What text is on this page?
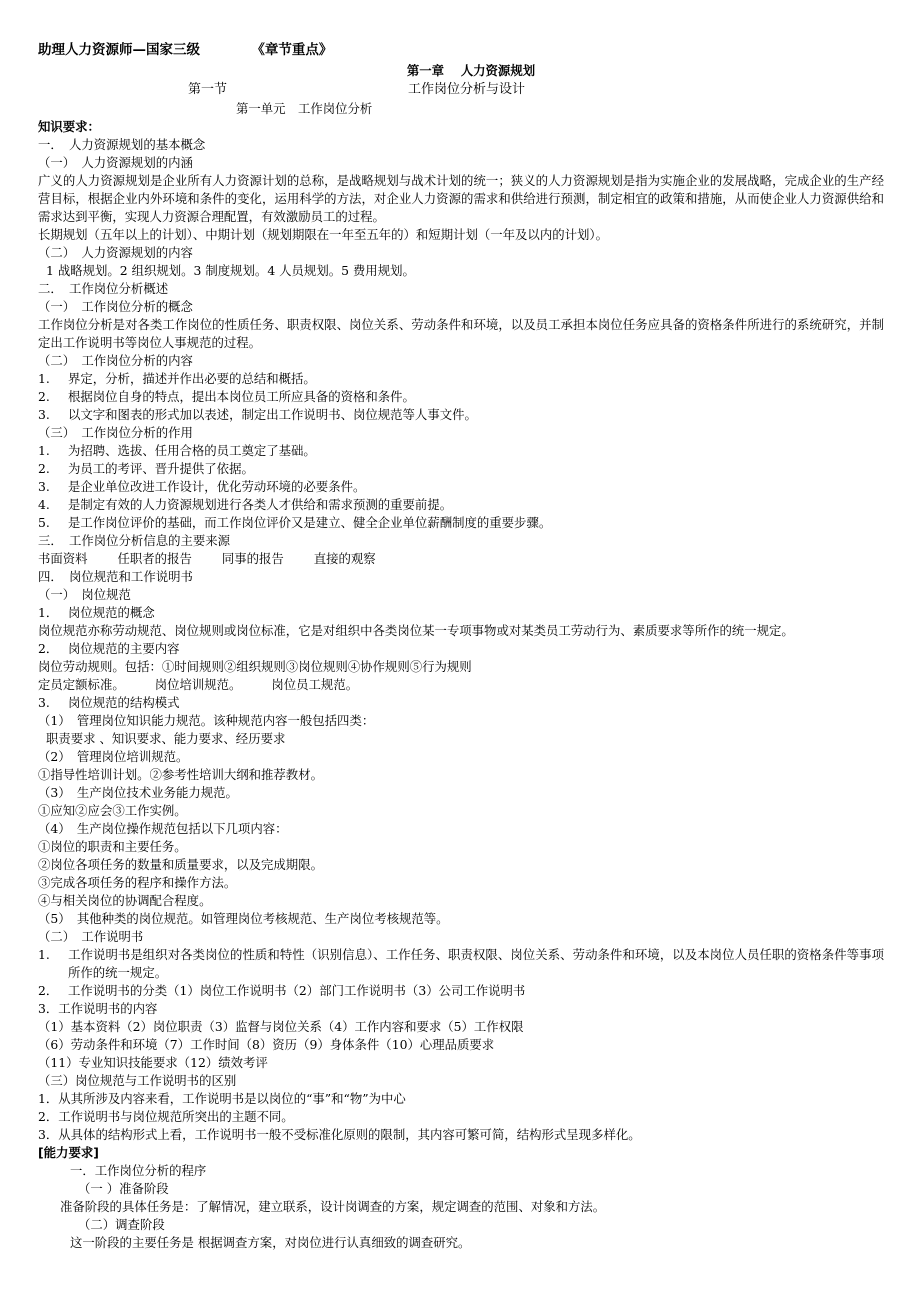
助理人力资源师—国家三级	《章节重点》
第一章　 人力资源规划
第一节	工作岗位分析与设计
第一单元　工作岗位分析
知识要求：
一．　人力资源规划的基本概念
（一）　人力资源规划的内涵
广义的人力资源规划是企业所有人力资源计划的总称，是战略规划与战术计划的统一；狭义的人力资源规划是指为实施企业的发展战略，完成企业的生产经营目标，根据企业内外环境和条件的变化，运用科学的方法，对企业人力资源的需求和供给进行预测，制定相宜的政策和措施，从而使企业人力资源供给和需求达到平衡，实现人力资源合理配置，有效激励员工的过程。
长期规划（五年以上的计划）、中期计划（规划期限在一年至五年的）和短期计划（一年及以内的计划）。
（二）　人力资源规划的内容
1 战略规划。2 组织规划。3 制度规划。4 人员规划。5 费用规划。
二．　工作岗位分析概述
（一）　工作岗位分析的概念
工作岗位分析是对各类工作岗位的性质任务、职责权限、岗位关系、劳动条件和环境，以及员工承担本岗位任务应具备的资格条件所进行的系统研究，并制定出工作说明书等岗位人事规范的过程。
（二）　工作岗位分析的内容
1. 界定，分析，描述并作出必要的总结和概括。
2. 根据岗位自身的特点，提出本岗位员工所应具备的资格和条件。
3. 以文字和图表的形式加以表述，制定出工作说明书、岗位规范等人事文件。
（三）　工作岗位分析的作用
1. 为招聘、选拔、任用合格的员工奠定了基础。
2. 为员工的考评、晋升提供了依据。
3. 是企业单位改进工作设计，优化劳动环境的必要条件。
4. 是制定有效的人力资源规划进行各类人才供给和需求预测的重要前提。
5. 是工作岗位评价的基础，而工作岗位评价又是建立、健全企业单位薪酬制度的重要步骤。
三．　工作岗位分析信息的主要来源
书面资料 任职者的报告 同事的报告 直接的观察
四．　岗位规范和工作说明书
（一）　岗位规范
1． 岗位规范的概念
岗位规范亦称劳动规范、岗位规则或岗位标准，它是对组织中各类岗位某一专项事物或对某类员工劳动行为、素质要求等所作的统一规定。
2． 岗位规范的主要内容
岗位劳动规则。包括：①时间规则②组织规则③岗位规则④协作规则⑤行为规则
定员定额标准。 岗位培训规范。 岗位员工规范。
3. 岗位规范的结构模式
（1）　管理岗位知识能力规范。该种规范内容一般包括四类：
职责要求 、知识要求、能力要求、经历要求
（2）　管理岗位培训规范。
①指导性培训计划。②参考性培训大纲和推荐教材。
（3）　生产岗位技术业务能力规范。
①应知②应会③工作实例。
（4）　生产岗位操作规范包括以下几项内容：
①岗位的职责和主要任务。
②岗位各项任务的数量和质量要求，以及完成期限。
③完成各项任务的程序和操作方法。
④与相关岗位的协调配合程度。
（5）　其他种类的岗位规范。如管理岗位考核规范、生产岗位考核规范等。
（二）　工作说明书
1. 工作说明书是组织对各类岗位的性质和特性（识别信息）、工作任务、职责权限、岗位关系、劳动条件和环境，以及本岗位人员任职的资格条件等事项所作的统一规定。
2． 工作说明书的分类（1）岗位工作说明书（2）部门工作说明书（3）公司工作说明书
3．工作说明书的内容
（1）基本资料（2）岗位职责（3）监督与岗位关系（4）工作内容和要求（5）工作权限
（6）劳动条件和环境（7）工作时间（8）资历（9）身体条件（10）心理品质要求
（11）专业知识技能要求（12）绩效考评
（三）岗位规范与工作说明书的区别
1．从其所涉及内容来看，工作说明书是以岗位的“事”和“物”为中心
2．工作说明书与岗位规范所突出的主题不同。
3．从具体的结构形式上看，工作说明书一般不受标准化原则的限制，其内容可繁可简，结构形式呈现多样化。
[能力要求]
一．工作岗位分析的程序
（一 ）准备阶段
准备阶段的具体任务是：了解情况，建立联系，设计岗调查的方案，规定调查的范围、对象和方法。
（二）调查阶段
这一阶段的主要任务是 根据调查方案，对岗位进行认真细致的调查研究。
